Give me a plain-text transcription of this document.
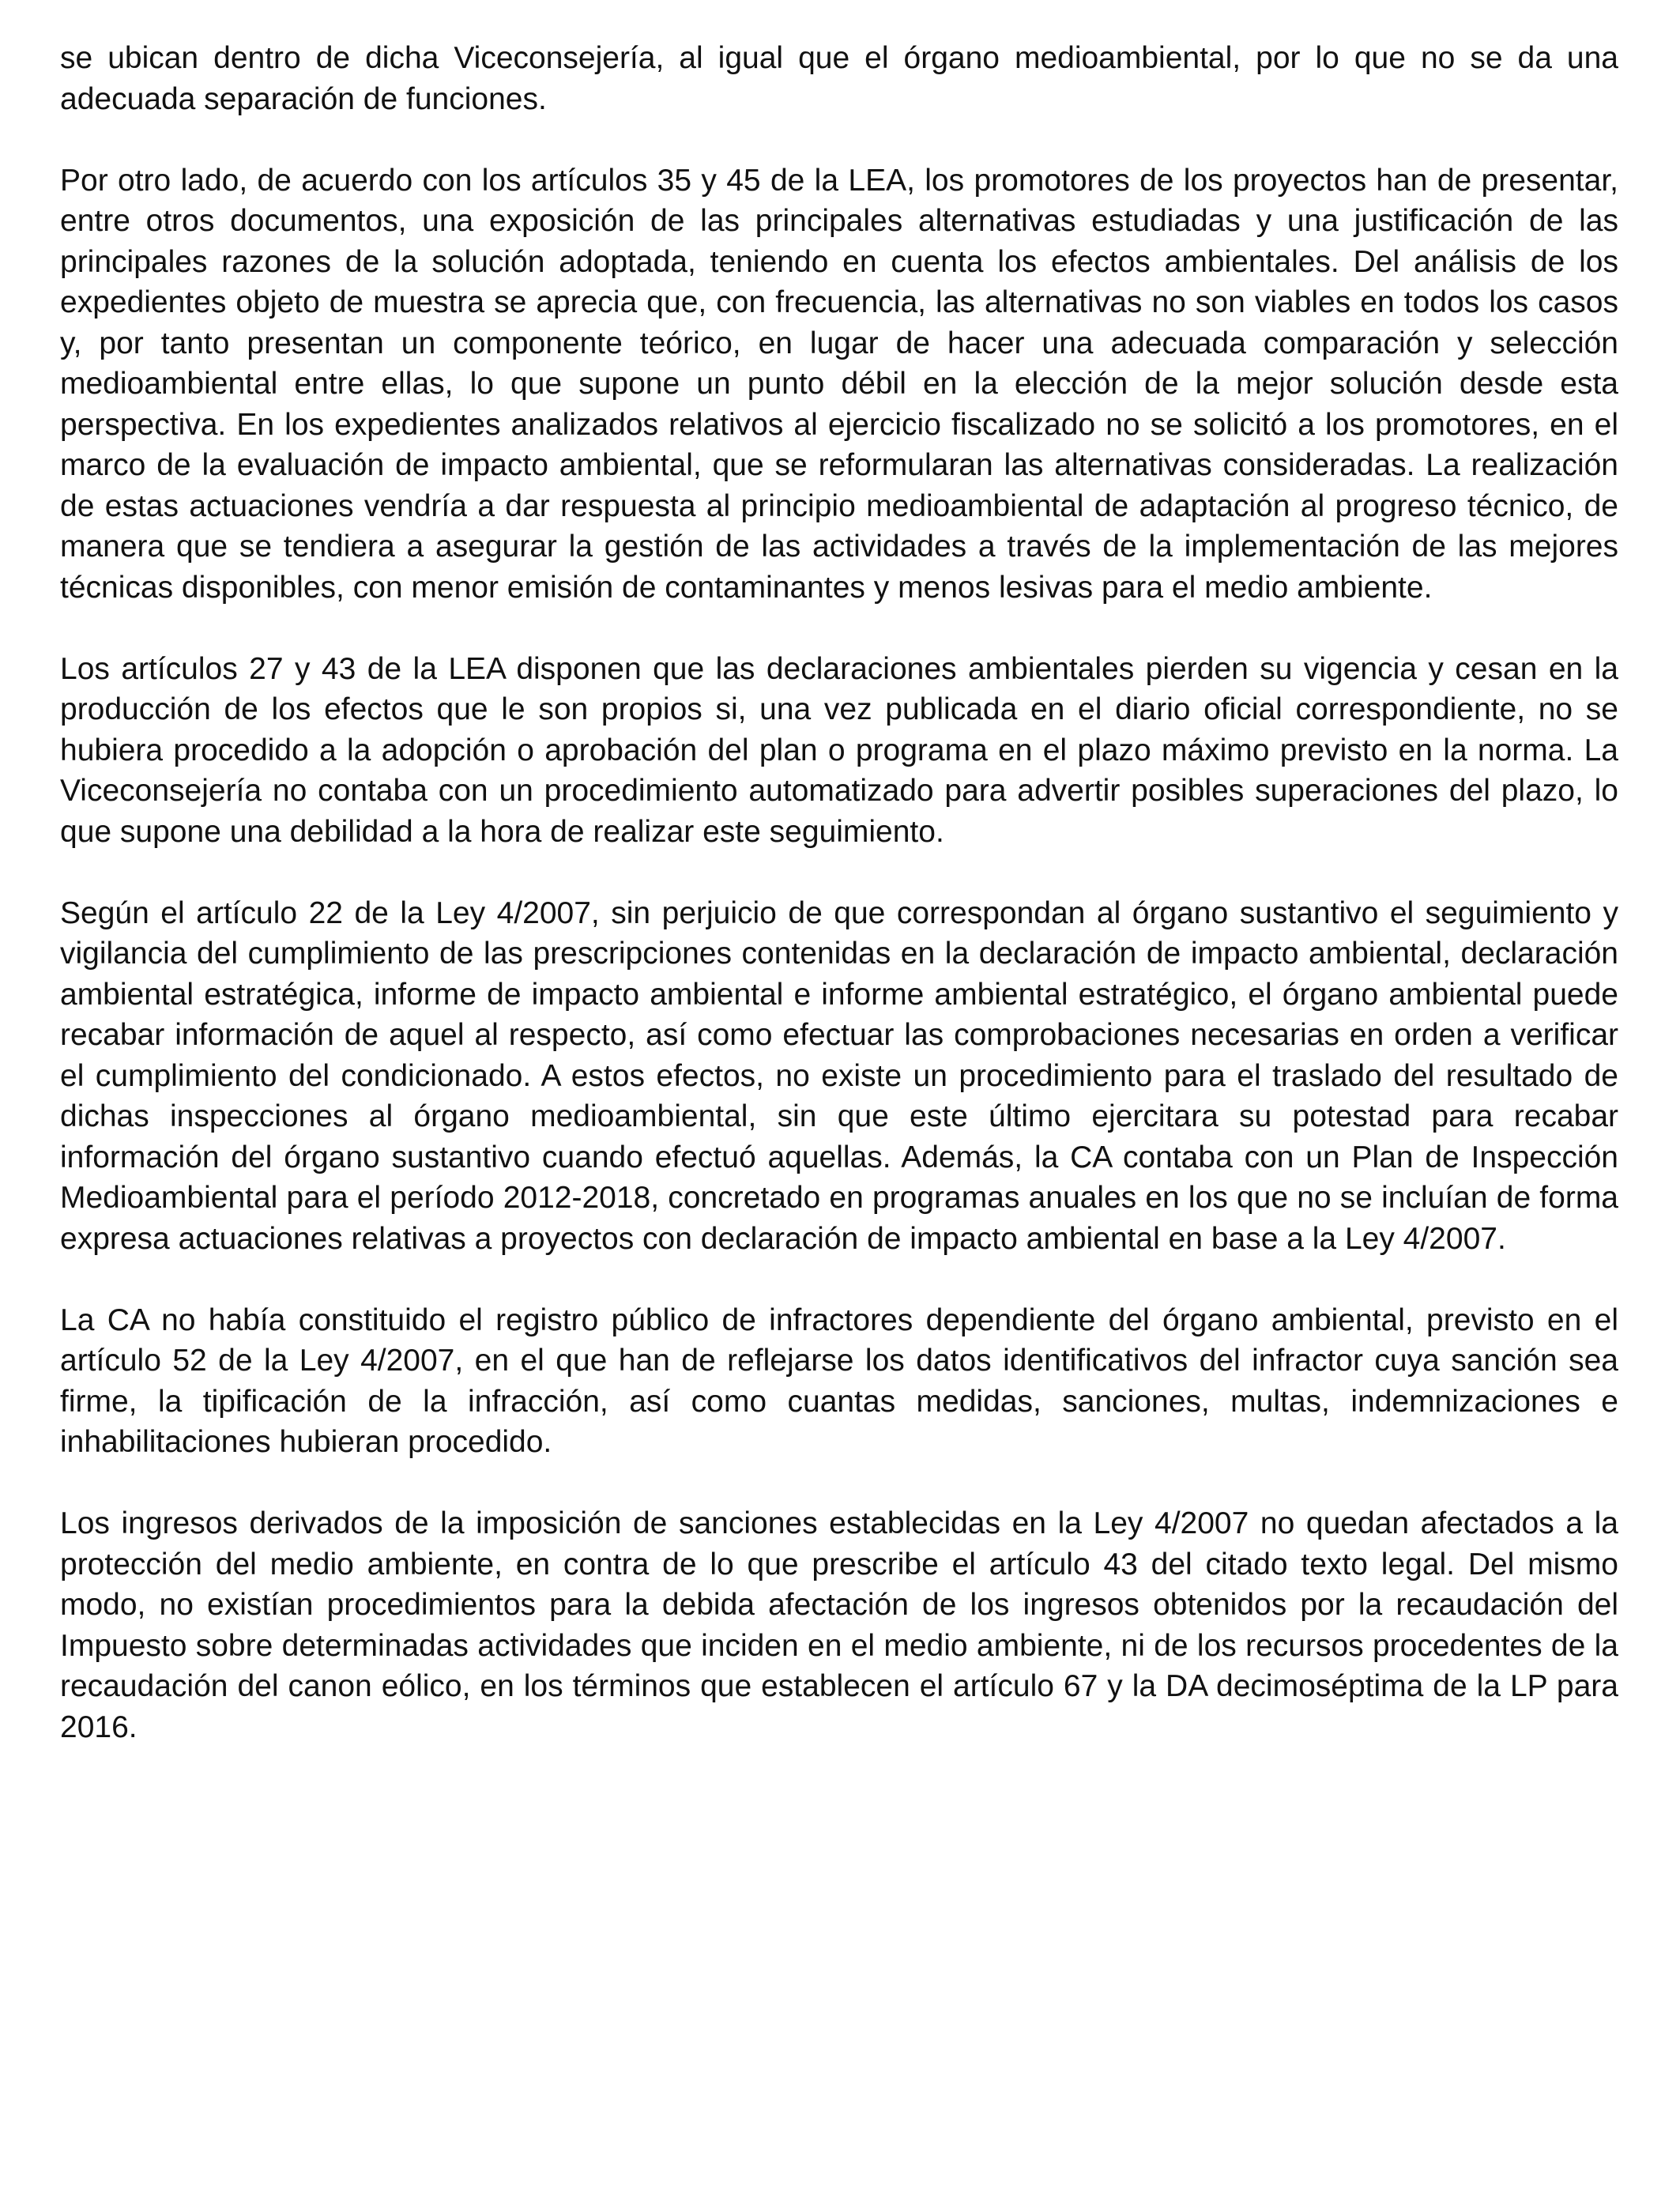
se ubican dentro de dicha Viceconsejería, al igual que el órgano medioambiental, por lo que no se da una adecuada separación de funciones.

Por otro lado, de acuerdo con los artículos 35 y 45 de la LEA, los promotores de los proyectos han de presentar, entre otros documentos, una exposición de las principales alternativas estudiadas y una justificación de las principales razones de la solución adoptada, teniendo en cuenta los efectos ambientales. Del análisis de los expedientes objeto de muestra se aprecia que, con frecuencia, las alternativas no son viables en todos los casos y, por tanto presentan un componente teórico, en lugar de hacer una adecuada comparación y selección medioambiental entre ellas, lo que supone un punto débil en la elección de la mejor solución desde esta perspectiva. En los expedientes analizados relativos al ejercicio fiscalizado no se solicitó a los promotores, en el marco de la evaluación de impacto ambiental, que se reformularan las alternativas consideradas. La realización de estas actuaciones vendría a dar respuesta al principio medioambiental de adaptación al progreso técnico, de manera que se tendiera a asegurar la gestión de las actividades a través de la implementación de las mejores técnicas disponibles, con menor emisión de contaminantes y menos lesivas para el medio ambiente.

Los artículos 27 y 43 de la LEA disponen que las declaraciones ambientales pierden su vigencia y cesan en la producción de los efectos que le son propios si, una vez publicada en el diario oficial correspondiente, no se hubiera procedido a la adopción o aprobación del plan o programa en el plazo máximo previsto en la norma. La Viceconsejería no contaba con un procedimiento automatizado para advertir posibles superaciones del plazo, lo que supone una debilidad a la hora de realizar este seguimiento.

Según el artículo 22 de la Ley 4/2007, sin perjuicio de que correspondan al órgano sustantivo el seguimiento y vigilancia del cumplimiento de las prescripciones contenidas en la declaración de impacto ambiental, declaración ambiental estratégica, informe de impacto ambiental e informe ambiental estratégico, el órgano ambiental puede recabar información de aquel al respecto, así como efectuar las comprobaciones necesarias en orden a verificar el cumplimiento del condicionado. A estos efectos, no existe un procedimiento para el traslado del resultado de dichas inspecciones al órgano medioambiental, sin que este último ejercitara su potestad para recabar información del órgano sustantivo cuando efectuó aquellas. Además, la CA contaba con un Plan de Inspección Medioambiental para el período 2012-2018, concretado en programas anuales en los que no se incluían de forma expresa actuaciones relativas a proyectos con declaración de impacto ambiental en base a la Ley 4/2007.

La CA no había constituido el registro público de infractores dependiente del órgano ambiental, previsto en el artículo 52 de la Ley 4/2007, en el que han de reflejarse los datos identificativos del infractor cuya sanción sea firme, la tipificación de la infracción, así como cuantas medidas, sanciones, multas, indemnizaciones e inhabilitaciones hubieran procedido.

Los ingresos derivados de la imposición de sanciones establecidas en la Ley 4/2007 no quedan afectados a la protección del medio ambiente, en contra de lo que prescribe el artículo 43 del citado texto legal. Del mismo modo, no existían procedimientos para la debida afectación de los ingresos obtenidos por la recaudación del Impuesto sobre determinadas actividades que inciden en el medio ambiente, ni de los recursos procedentes de la recaudación del canon eólico, en los términos que establecen el artículo 67 y la DA decimoséptima de la LP para 2016.
